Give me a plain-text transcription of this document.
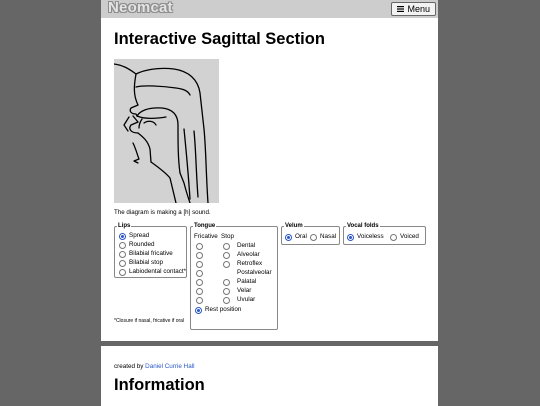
Neomcat	Menu
Interactive Sagittal Section
The diagram is making a [h] sound.
Lips
Spread
Rounded
Bilabial fricative
Bilabial stop
Labiodental contact*
Tongue
Fricative Stop
Dental
Alveolar
Retroflex
Postalveolar
Palatal
Velar
Uvular
Rest position
Velum
Oral Nasal
Vocal folds
Voiceless	Voiced
*Closure if nasal, fricative if oral
created by Daniel Currie Hall
Information
